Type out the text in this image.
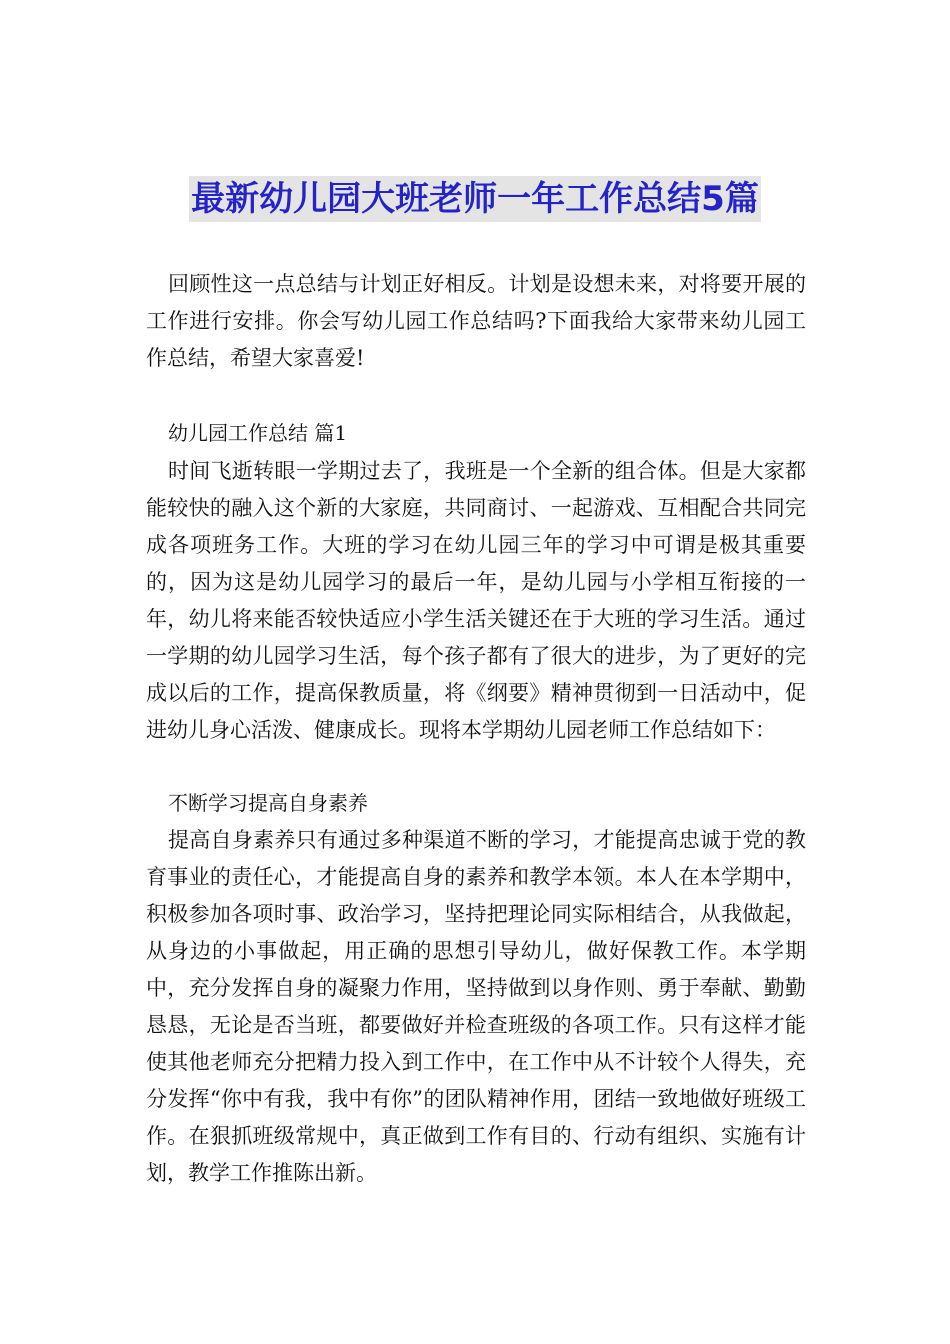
最新幼儿园大班老师一年工作总结5篇

回顾性这一点总结与计划正好相反。计划是设想未来，对将要开展的工作进行安排。你会写幼儿园工作总结吗?下面我给大家带来幼儿园工作总结，希望大家喜爱!

幼儿园工作总结 篇1

时间飞逝转眼一学期过去了，我班是一个全新的组合体。但是大家都能较快的融入这个新的大家庭，共同商讨、一起游戏、互相配合共同完成各项班务工作。大班的学习在幼儿园三年的学习中可谓是极其重要的，因为这是幼儿园学习的最后一年，是幼儿园与小学相互衔接的一年，幼儿将来能否较快适应小学生活关键还在于大班的学习生活。通过一学期的幼儿园学习生活，每个孩子都有了很大的进步，为了更好的完成以后的工作，提高保教质量，将《纲要》精神贯彻到一日活动中，促进幼儿身心活泼、健康成长。现将本学期幼儿园老师工作总结如下：

不断学习提高自身素养

提高自身素养只有通过多种渠道不断的学习，才能提高忠诚于党的教育事业的责任心，才能提高自身的素养和教学本领。本人在本学期中，积极参加各项时事、政治学习，坚持把理论同实际相结合，从我做起，从身边的小事做起，用正确的思想引导幼儿，做好保教工作。本学期中，充分发挥自身的凝聚力作用，坚持做到以身作则、勇于奉献、勤勤恳恳，无论是否当班，都要做好并检查班级的各项工作。只有这样才能使其他老师充分把精力投入到工作中，在工作中从不计较个人得失，充分发挥“你中有我，我中有你”的团队精神作用，团结一致地做好班级工作。在狠抓班级常规中，真正做到工作有目的、行动有组织、实施有计划，教学工作推陈出新。
